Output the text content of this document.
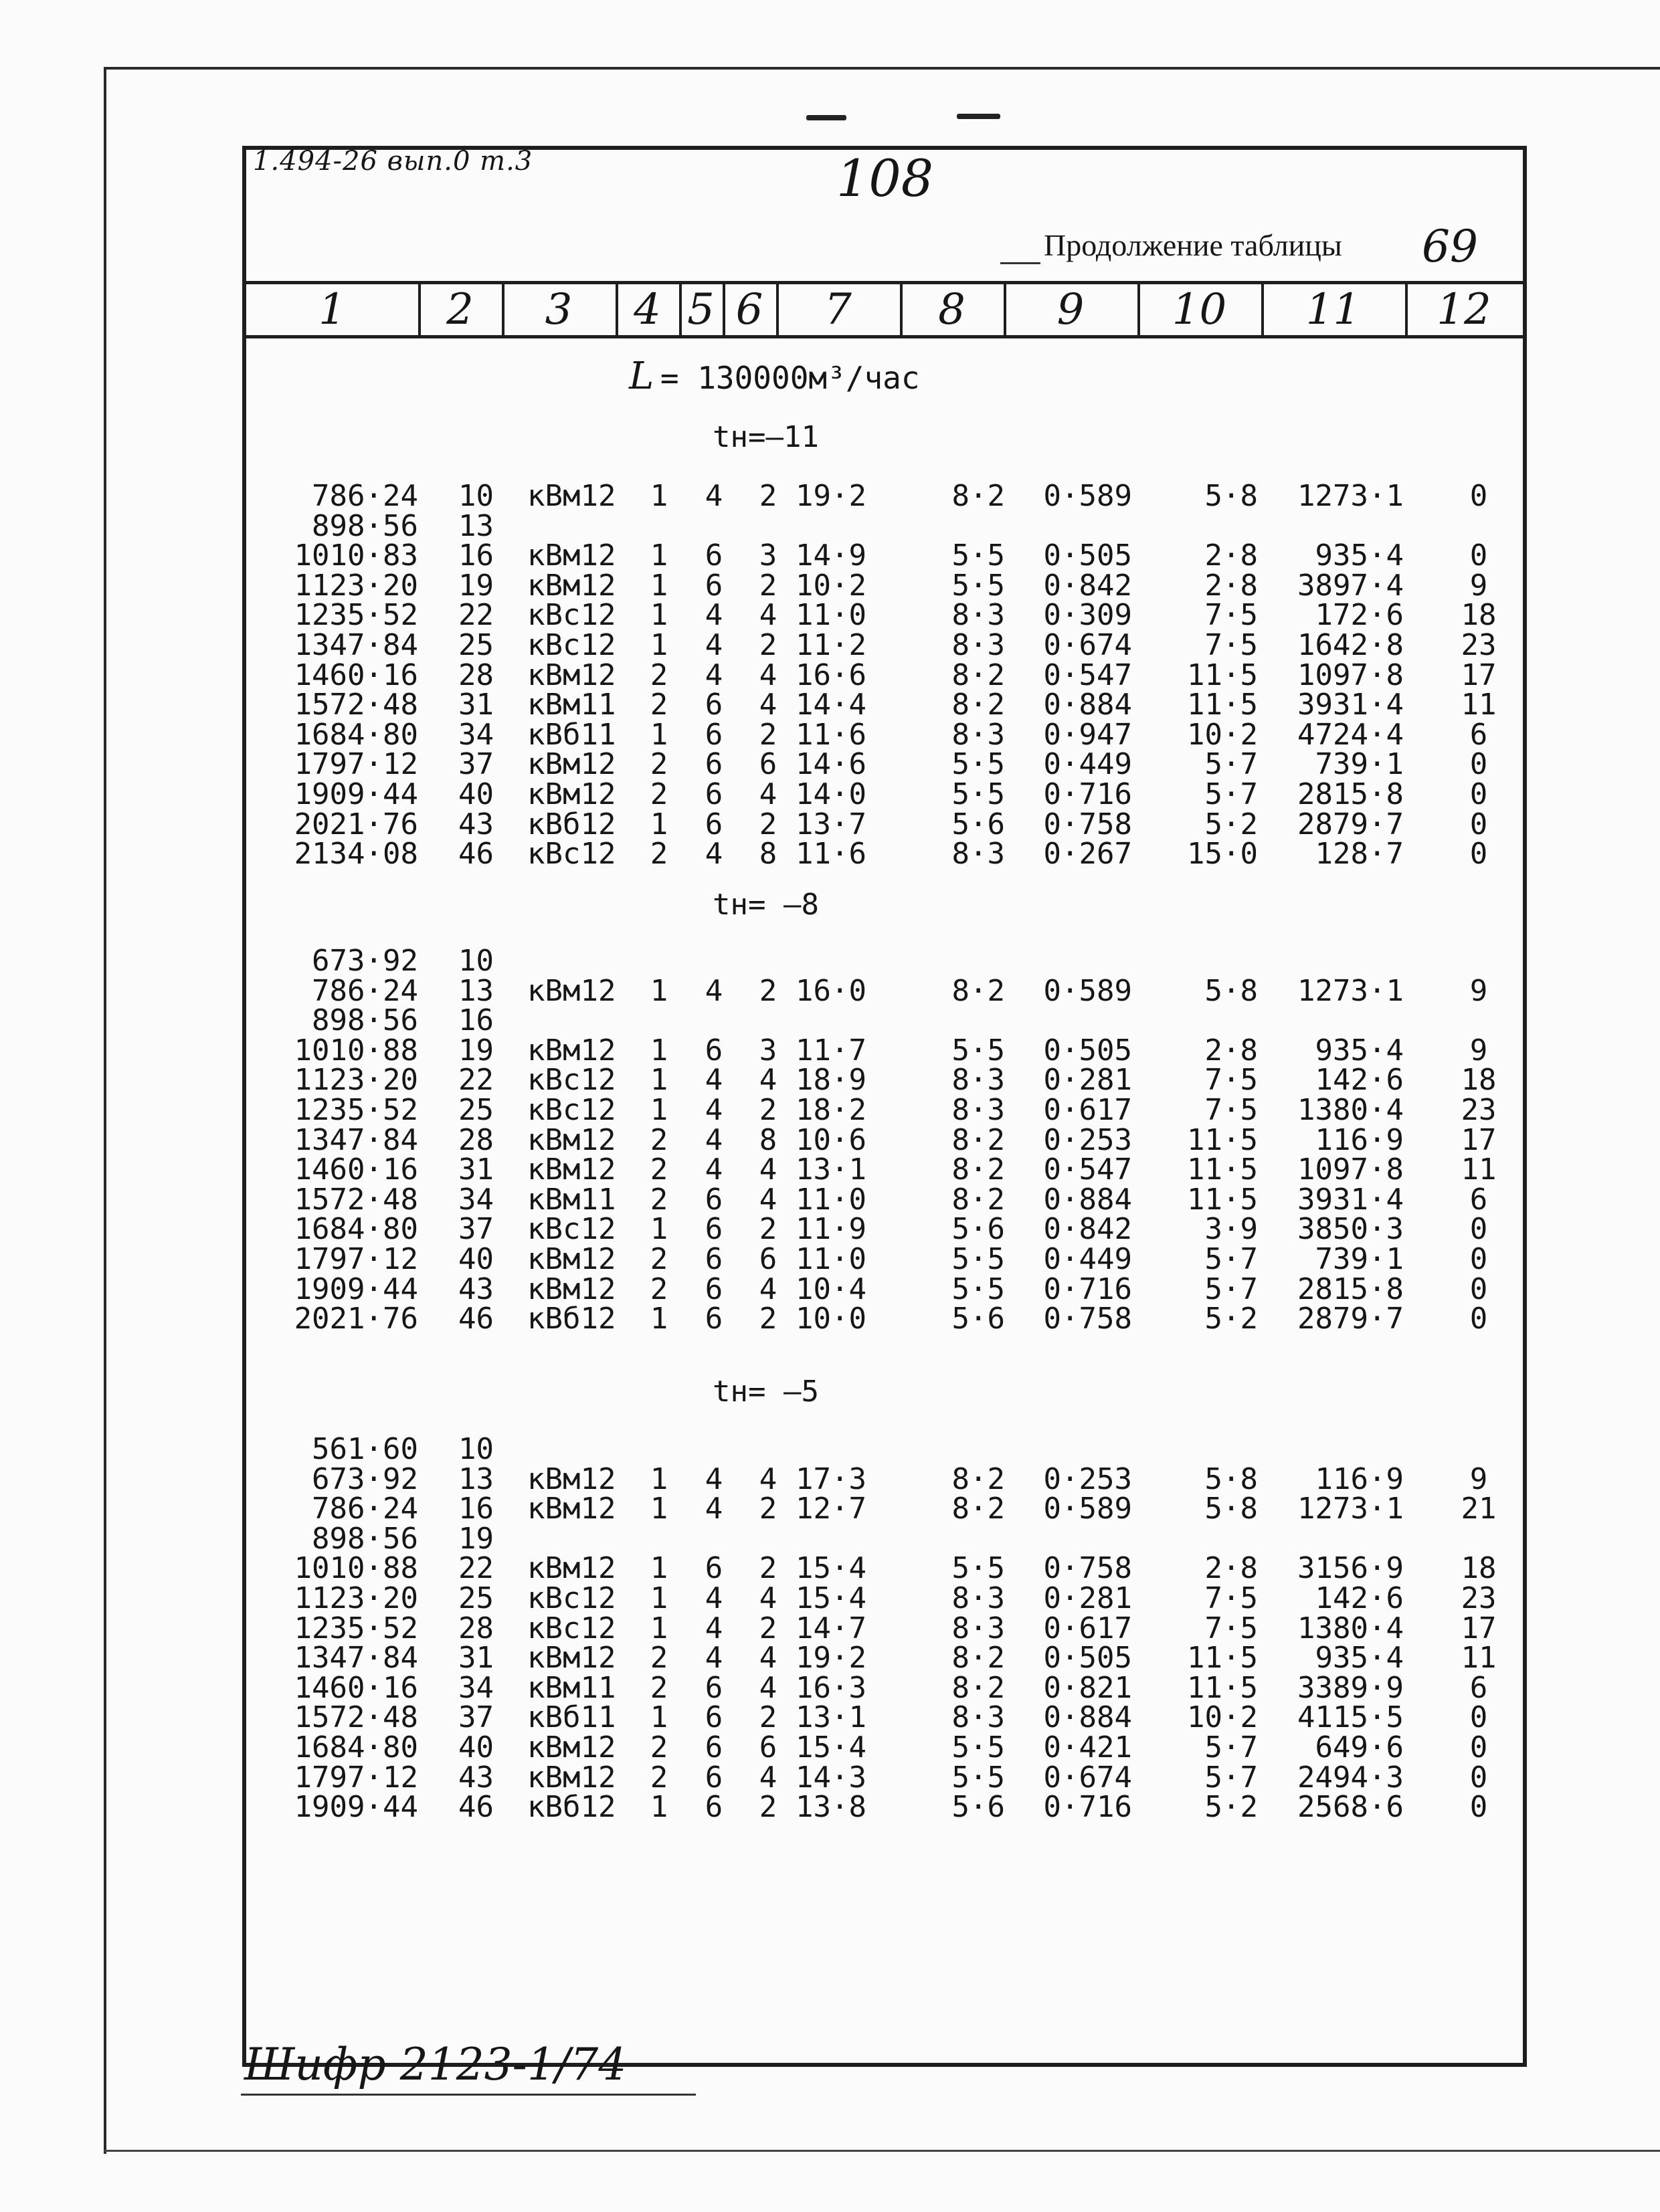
1.494-26 вып.0 т.3	108
Продолжение таблицы 69
1	2	3	4 5 6	7	8	9	10	11	12
L = 130000м³/час
tн=–11
786·24 10 кВм12 1 4 2 19·2	8·2 0·589 5·8 1273·1 0
898·56 13
1010·83 16 кВм12 1 6 3 14·9	5·5 0·505 2·8 935·4 0
1123·20 19 кВм12 1 6 2 10·2	5·5 0·842 2·8 3897·4 9
1235·52 22 кВс12 1 4 4 11·0	8·3 0·309 7·5 172·6 18
1347·84 25 кВс12 1 4 2 11·2	8·3 0·674 7·5 1642·8 23
1460·16 28 кВм12 2 4 4 16·6	8·2 0·547 11·5 1097·8 17
1572·48 31 кВм11 2 6 4 14·4	8·2 0·884 11·5 3931·4 11
1684·80 34 кВб11 1 6 2 11·6	8·3 0·947 10·2 4724·4 6
1797·12 37 кВм12 2 6 6 14·6	5·5 0·449 5·7 739·1 0
1909·44 40 кВм12 2 6 4 14·0	5·5 0·716 5·7 2815·8 0
2021·76 43 кВб12 1 6 2 13·7	5·6 0·758 5·2 2879·7 0
2134·08 46 кВс12 2 4 8 11·6	8·3 0·267 15·0 128·7 0
tн= –8
673·92 10
786·24 13 кВм12 1 4 2 16·0	8·2 0·589 5·8 1273·1 9
898·56 16
1010·88 19 кВм12 1 6 3 11·7	5·5 0·505 2·8 935·4 9
1123·20 22 кВс12 1 4 4 18·9	8·3 0·281 7·5 142·6 18
1235·52 25 кВс12 1 4 2 18·2	8·3 0·617 7·5 1380·4 23
1347·84 28 кВм12 2 4 8 10·6	8·2 0·253 11·5 116·9 17
1460·16 31 кВм12 2 4 4 13·1	8·2 0·547 11·5 1097·8 11
1572·48 34 кВм11 2 6 4 11·0	8·2 0·884 11·5 3931·4 6
1684·80 37 кВс12 1 6 2 11·9	5·6 0·842 3·9 3850·3 0
1797·12 40 кВм12 2 6 6 11·0	5·5 0·449 5·7 739·1 0
1909·44 43 кВм12 2 6 4 10·4	5·5 0·716 5·7 2815·8 0
2021·76 46 кВб12 1 6 2 10·0	5·6 0·758 5·2 2879·7 0
tн= –5
561·60 10
673·92 13 кВм12 1 4 4 17·3	8·2 0·253 5·8 116·9 9
786·24 16 кВм12 1 4 2 12·7	8·2 0·589 5·8 1273·1 21
898·56 19
1010·88 22 кВм12 1 6 2 15·4	5·5 0·758 2·8 3156·9 18
1123·20 25 кВс12 1 4 4 15·4	8·3 0·281 7·5 142·6 23
1235·52 28 кВс12 1 4 2 14·7	8·3 0·617 7·5 1380·4 17
1347·84 31 кВм12 2 4 4 19·2	8·2 0·505 11·5 935·4 11
1460·16 34 кВм11 2 6 4 16·3	8·2 0·821 11·5 3389·9 6
1572·48 37 кВб11 1 6 2 13·1	8·3 0·884 10·2 4115·5 0
1684·80 40 кВм12 2 6 6 15·4	5·5 0·421 5·7 649·6 0
1797·12 43 кВм12 2 6 4 14·3	5·5 0·674 5·7 2494·3 0
1909·44 46 кВб12 1 6 2 13·8	5·6 0·716 5·2 2568·6 0
Шифр 2123-1/74
